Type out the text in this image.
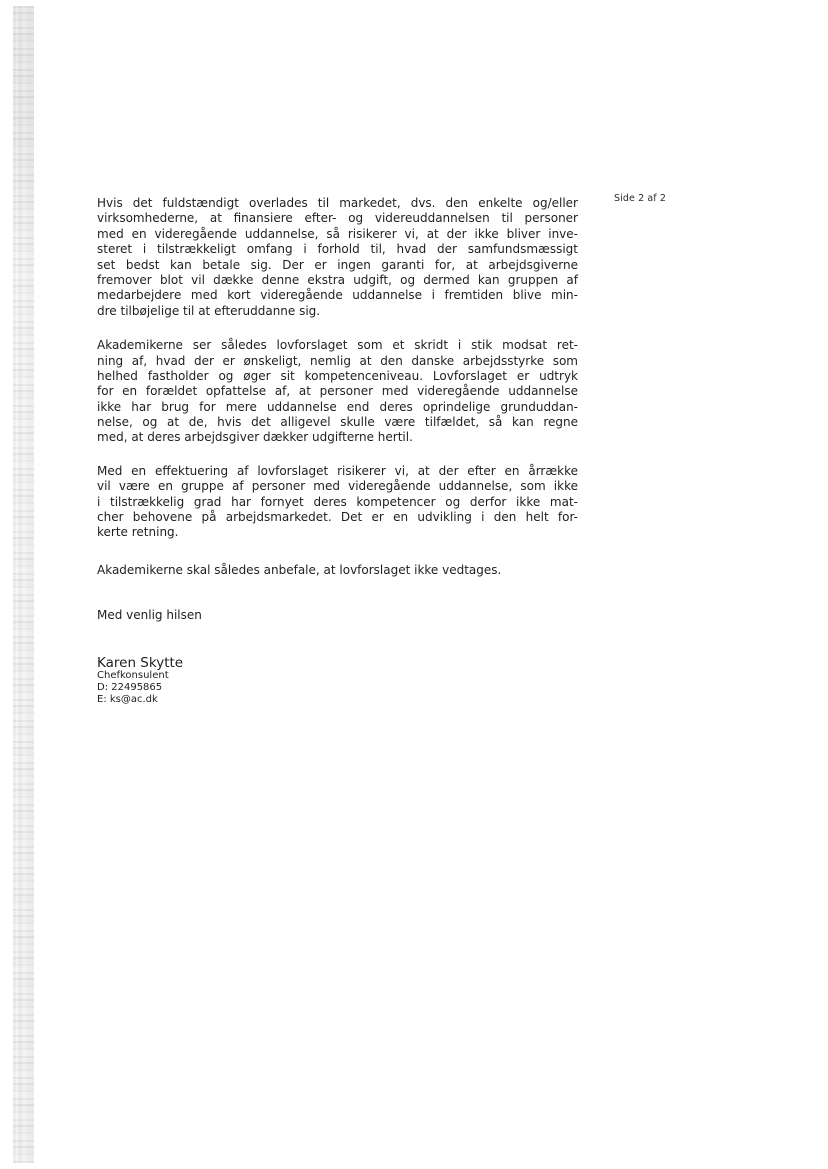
Side 2 af 2
Hvis det fuldstændigt overlades til markedet, dvs. den enkelte og/eller
virksomhederne, at finansiere efter- og videreuddannelsen til personer
med en videregående uddannelse, så risikerer vi, at der ikke bliver inve-
steret i tilstrækkeligt omfang i forhold til, hvad der samfundsmæssigt
set bedst kan betale sig. Der er ingen garanti for, at arbejdsgiverne
fremover blot vil dække denne ekstra udgift, og dermed kan gruppen af
medarbejdere med kort videregående uddannelse i fremtiden blive min-
dre tilbøjelige til at efteruddanne sig.
Akademikerne ser således lovforslaget som et skridt i stik modsat ret-
ning af, hvad der er ønskeligt, nemlig at den danske arbejdsstyrke som
helhed fastholder og øger sit kompetenceniveau. Lovforslaget er udtryk
for en forældet opfattelse af, at personer med videregående uddannelse
ikke har brug for mere uddannelse end deres oprindelige grunduddan-
nelse, og at de, hvis det alligevel skulle være tilfældet, så kan regne
med, at deres arbejdsgiver dækker udgifterne hertil.
Med en effektuering af lovforslaget risikerer vi, at der efter en årrække
vil være en gruppe af personer med videregående uddannelse, som ikke
i tilstrækkelig grad har fornyet deres kompetencer og derfor ikke mat-
cher behovene på arbejdsmarkedet. Det er en udvikling i den helt for-
kerte retning.
Akademikerne skal således anbefale, at lovforslaget ikke vedtages.
Med venlig hilsen
Karen Skytte
Chefkonsulent
D: 22495865
E: ks@ac.dk
